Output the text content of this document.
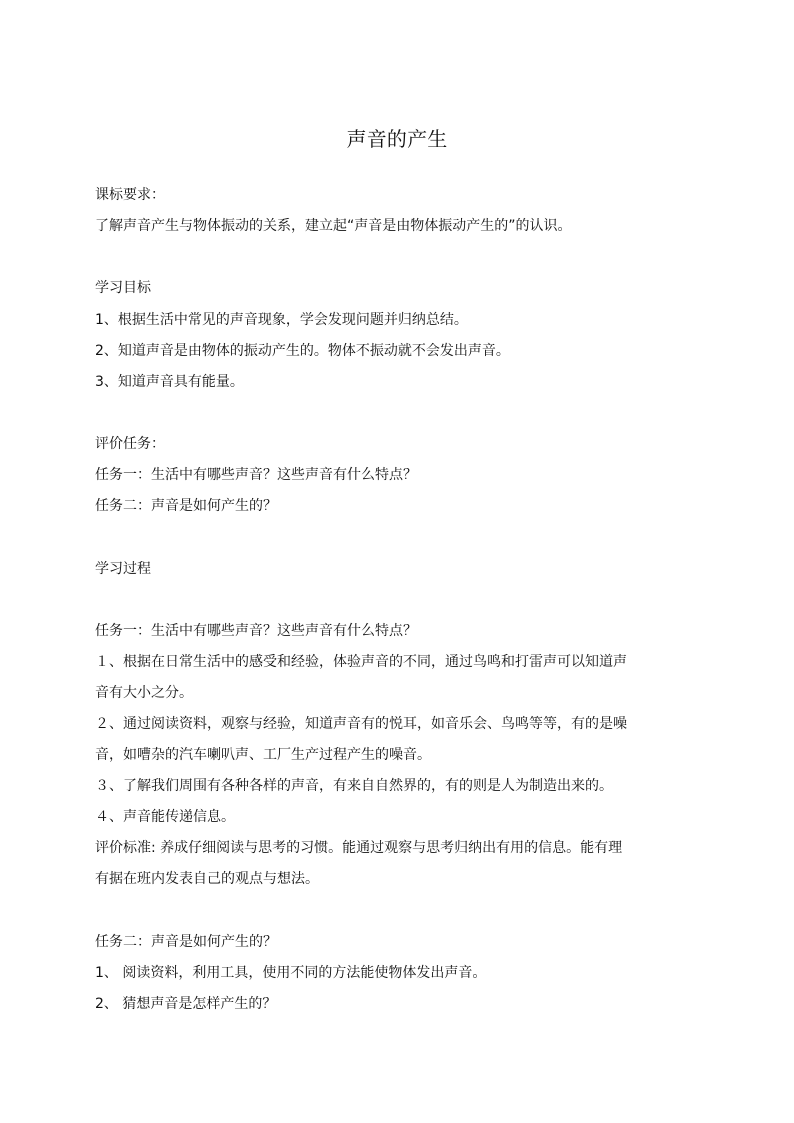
声音的产生
课标要求：
了解声音产生与物体振动的关系，建立起“声音是由物体振动产生的”的认识。
学习目标
1、根据生活中常见的声音现象，学会发现问题并归纳总结。
2、知道声音是由物体的振动产生的。物体不振动就不会发出声音。
3、知道声音具有能量。
评价任务：
任务一：生活中有哪些声音？这些声音有什么特点？
任务二：声音是如何产生的？
学习过程
任务一：生活中有哪些声音？这些声音有什么特点？
１、根据在日常生活中的感受和经验，体验声音的不同，通过鸟鸣和打雷声可以知道声
音有大小之分。
２、通过阅读资料，观察与经验，知道声音有的悦耳，如音乐会、鸟鸣等等，有的是噪
音，如嘈杂的汽车喇叭声、工厂生产过程产生的噪音。
３、了解我们周围有各种各样的声音，有来自自然界的，有的则是人为制造出来的。
４、声音能传递信息。
评价标准: 养成仔细阅读与思考的习惯。能通过观察与思考归纳出有用的信息。能有理
有据在班内发表自己的观点与想法。
任务二：声音是如何产生的？
1、 阅读资料，利用工具，使用不同的方法能使物体发出声音。
2、 猜想声音是怎样产生的？
